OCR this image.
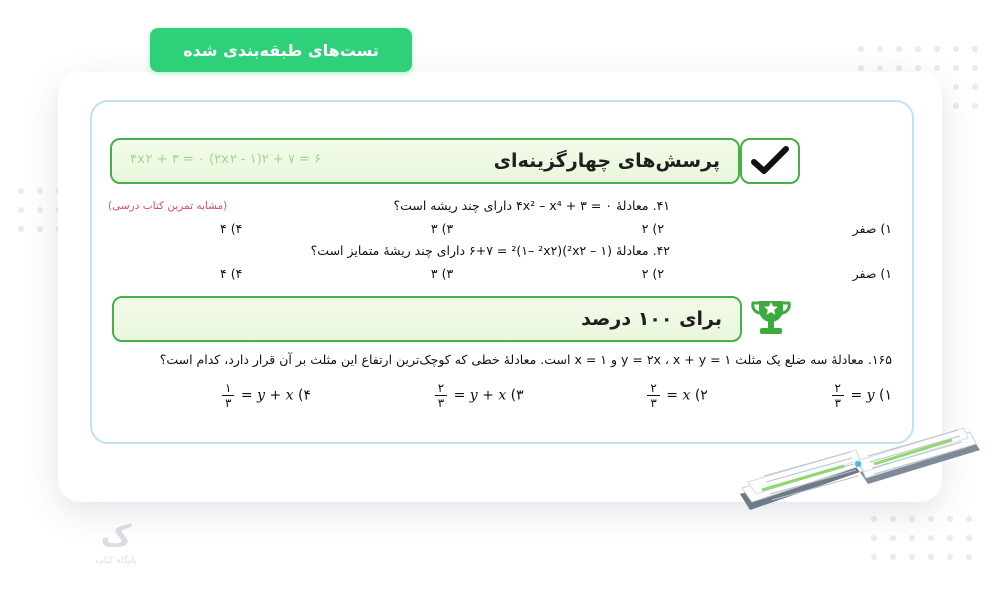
تست‌های طبقه‌بندی شده
پرسش‌های چهارگزینه‌ای
۴x۲ + ۳ = ۰ (۲x۲ - ۱)۲ + ۷ = ۶
(مشابه تمرین کتاب درسی)	۴۱. معادلهٔ ۰ = ۳ + ۴x² – x⁴ دارای چند ریشه است؟
۱) صفر
۲) ۲
۳) ۳
۴) ۴
۴۲. معادلهٔ (۱ – ²x۲)۶+۷ = ²(۱– ²x۲) دارای چند ریشهٔ متمایز است؟
۱) صفر
۲) ۲
۳) ۳
۴) ۴
برای ۱۰۰ درصد
۱۶۵. معادلهٔ سه ضلع یک مثلث y = ۲x ، x + y = ۱ و x = ۱ است. معادلهٔ خطی که کوچک‌ترین ارتفاع این مثلث بر آن قرار دارد، کدام است؟
۱) y =
$\frac{۲}{۳}$
۲) x =
$\frac{۲}{۳}$
۳) y + x =
$\frac{۲}{۳}$
۴) y + x =
$\frac{۱}{۳}$
ک
پایگاه کتاب
